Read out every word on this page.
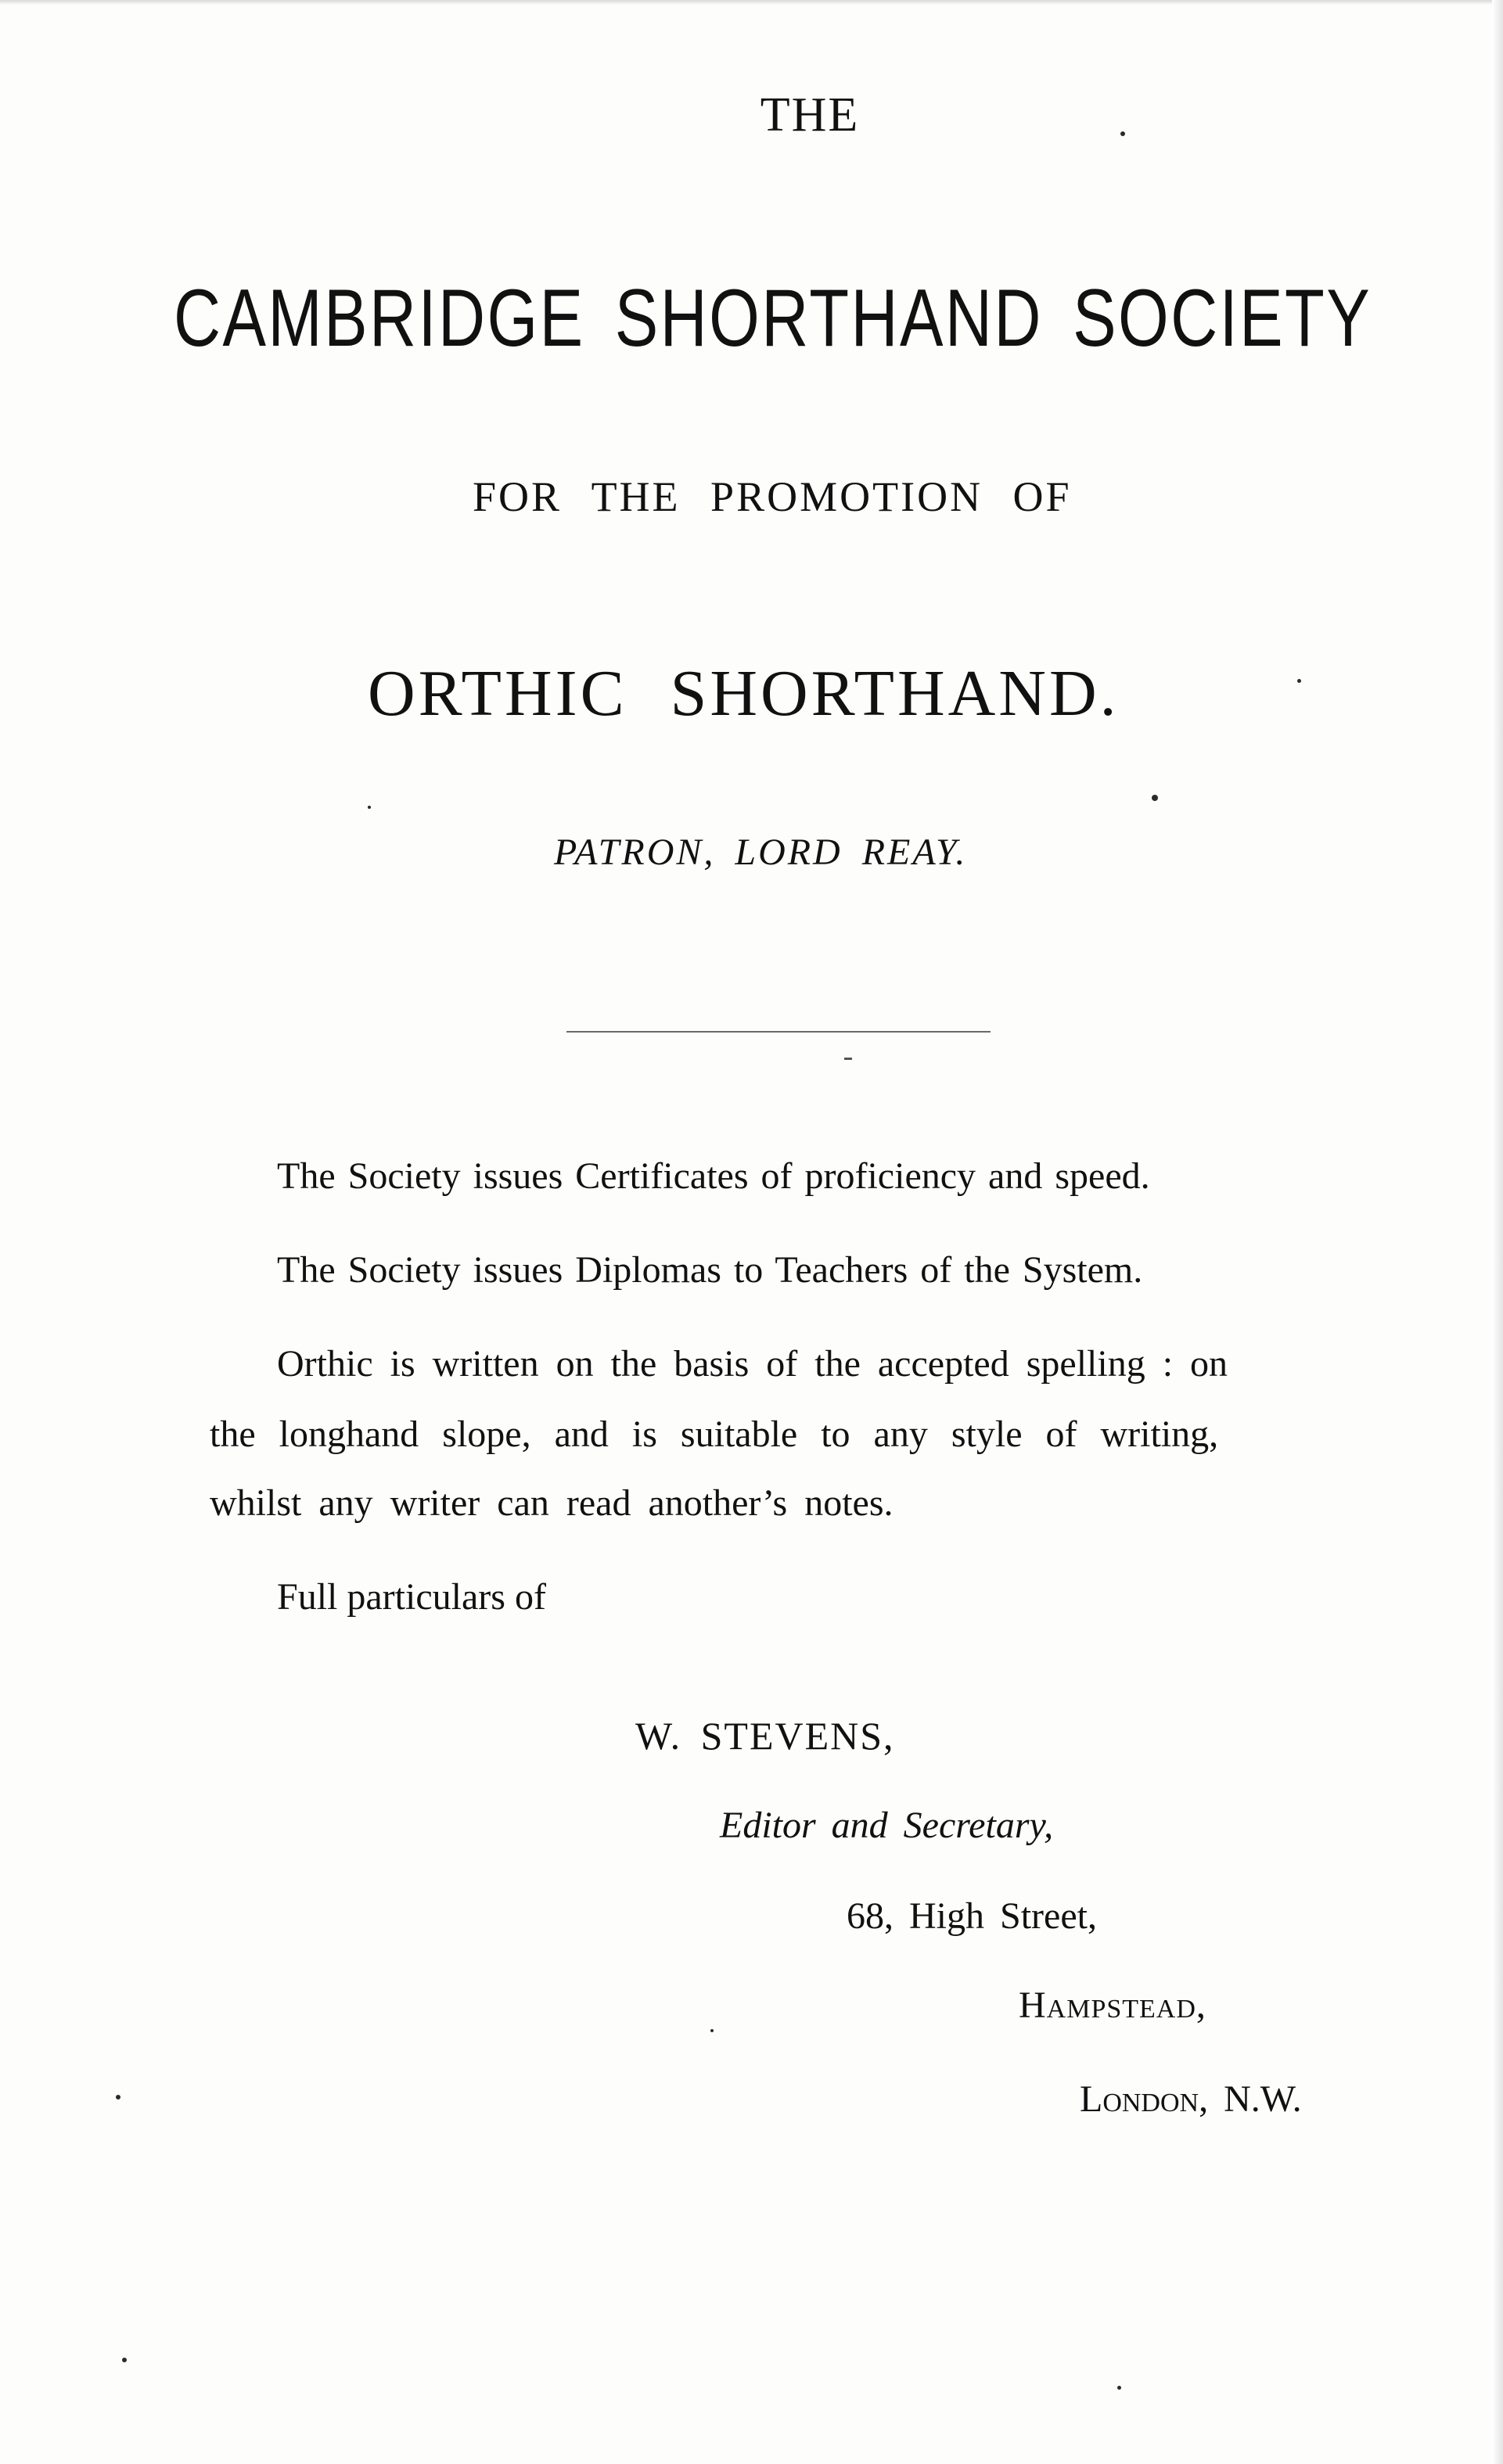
THE

CAMBRIDGE SHORTHAND SOCIETY

FOR THE PROMOTION OF

ORTHIC SHORTHAND.

PATRON, LORD REAY.

The Society issues Certificates of proficiency and speed.

The Society issues Diplomas to Teachers of the System.

Orthic is written on the basis of the accepted spelling : on

the longhand slope, and is suitable to any style of writing,

whilst any writer can read another’s notes.

Full particulars of

W. STEVENS,

Editor and Secretary,

68, High Street,

Hampstead,

London, N.W.
